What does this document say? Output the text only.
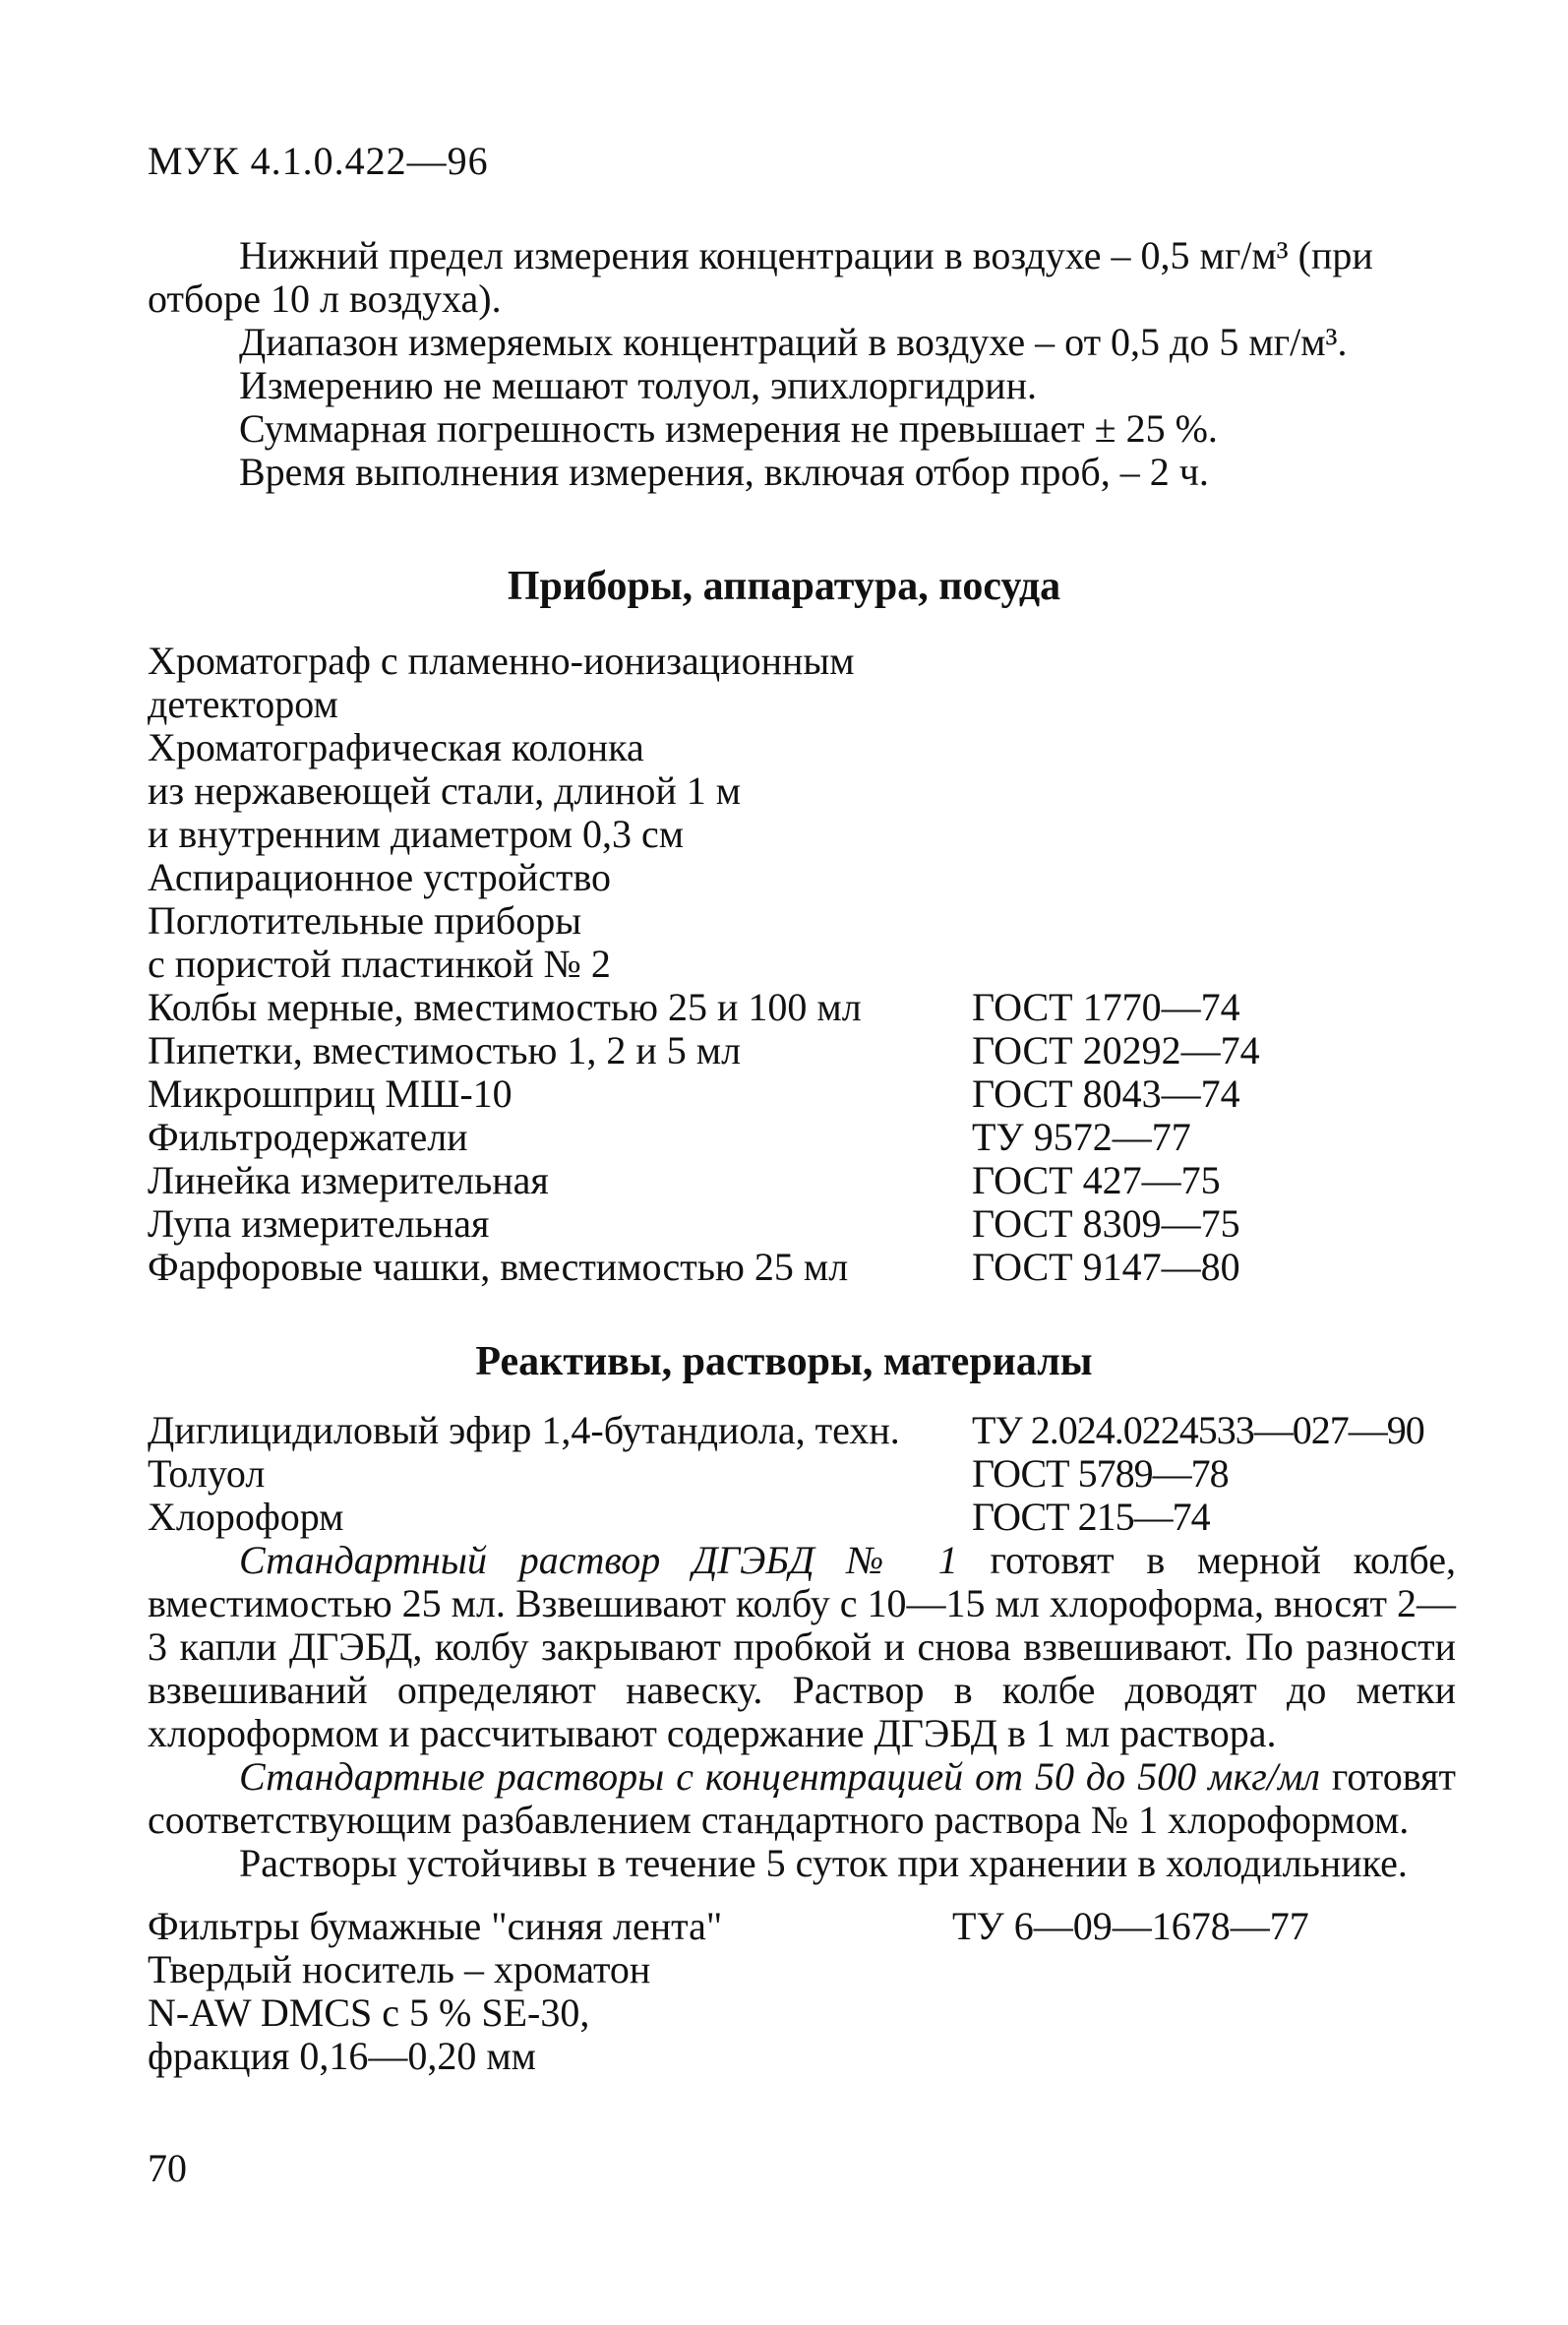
МУК 4.1.0.422—96

Нижний предел измерения концентрации в воздухе – 0,5 мг/м³ (при отборе 10 л воздуха).

Диапазон измеряемых концентраций в воздухе – от 0,5 до 5 мг/м³.

Измерению не мешают толуол, эпихлоргидрин.

Суммарная погрешность измерения не превышает ± 25 %.

Время выполнения измерения, включая отбор проб, – 2 ч.

Приборы, аппаратура, посуда
Хроматограф с пламенно-ионизационным
детектором
Хроматографическая колонка
из нержавеющей стали, длиной 1 м
и внутренним диаметром 0,3 см
Аспирационное устройство
Поглотительные приборы
с пористой пластинкой № 2
Колбы мерные, вместимостью 25 и 100 мл	ГОСТ 1770—74
Пипетки, вместимостью 1, 2 и 5 мл	ГОСТ 20292—74
Микрошприц МШ-10	ГОСТ 8043—74
Фильтродержатели	ТУ 9572—77
Линейка измерительная	ГОСТ 427—75
Лупа измерительная	ГОСТ 8309—75
Фарфоровые чашки, вместимостью 25 мл	ГОСТ 9147—80
Реактивы, растворы, материалы
Диглицидиловый эфир 1,4-бутандиола, техн.	ТУ 2.024.0224533—027—90
Толуол	ГОСТ 5789—78
Хлороформ	ГОСТ 215—74

Стандартный раствор ДГЭБД № 1 готовят в мерной колбе, вместимостью 25 мл. Взвешивают колбу с 10—15 мл хлороформа, вносят 2—3 капли ДГЭБД, колбу закрывают пробкой и снова взвешивают. По разности взвешиваний определяют навеску. Раствор в колбе доводят до метки хлороформом и рассчитывают содержание ДГЭБД в 1 мл раствора.

Стандартные растворы с концентрацией от 50 до 500 мкг/мл готовят соответствующим разбавлением стандартного раствора № 1 хлороформом.

Растворы устойчивы в течение 5 суток при хранении в холодильнике.

Фильтры бумажные "синяя лента"	ТУ 6—09—1678—77
Твердый носитель – хроматон
N-AW DMCS с 5 % SE-30,
фракция 0,16—0,20 мм
70
